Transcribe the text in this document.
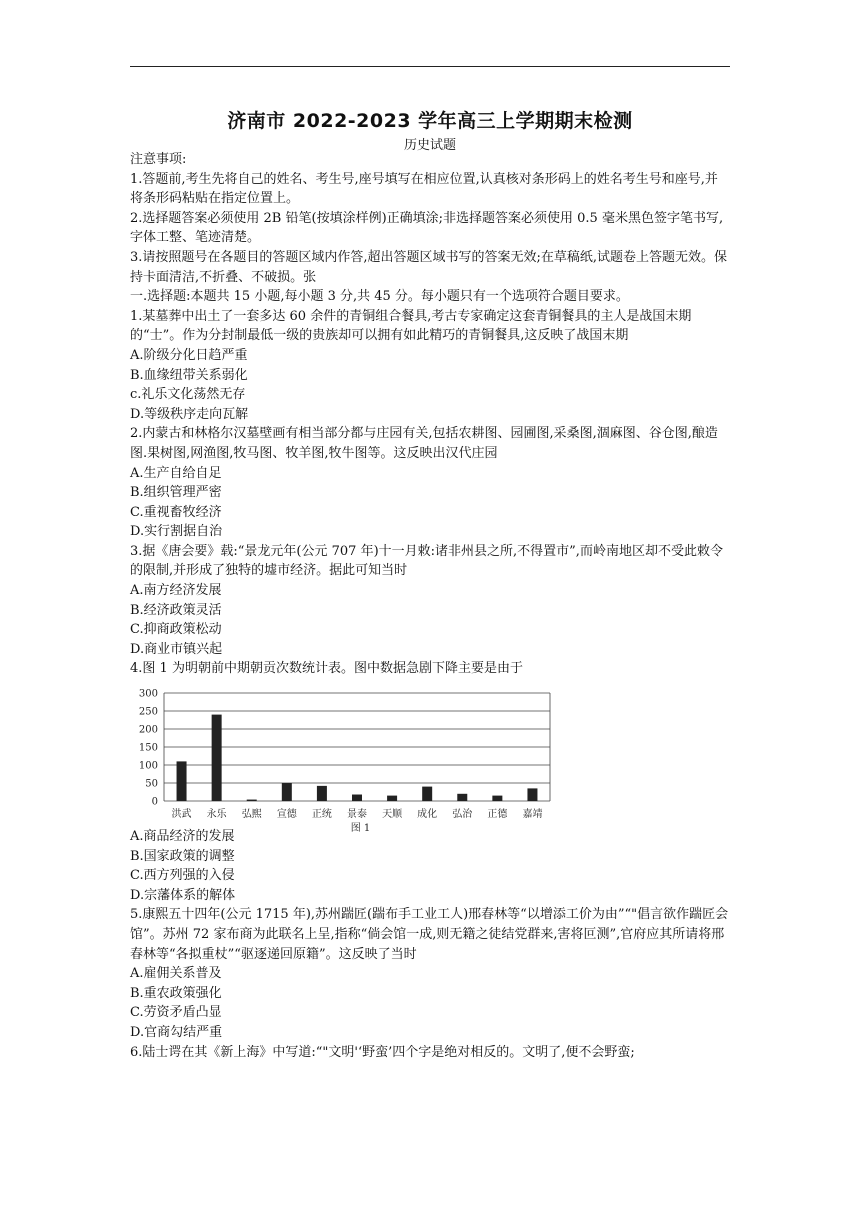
济南市 2022-2023 学年高三上学期期末检测
历史试题

注意事项:

1.答题前,考生先将自己的姓名、考生号,座号填写在相应位置,认真核对条形码上的姓名考生号和座号,并将条形码粘贴在指定位置上。

2.选择题答案必须使用 2B 铅笔(按填涂样例)正确填涂;非选择题答案必须使用 0.5 毫米黑色签字笔书写,字体工整、笔迹清楚。

3.请按照题号在各题目的答题区域内作答,超出答题区域书写的答案无效;在草稿纸,试题卷上答题无效。保持卡面清洁,不折叠、不破损。张

一.选择题:本题共 15 小题,每小题 3 分,共 45 分。每小题只有一个选项符合题目要求。

1.某墓葬中出土了一套多达 60 余件的青铜组合餐具,考古专家确定这套青铜餐具的主人是战国末期的“士”。作为分封制最低一级的贵族却可以拥有如此精巧的青铜餐具,这反映了战国末期

A.阶级分化日趋严重

B.血缘纽带关系弱化

c.礼乐文化荡然无存

D.等级秩序走向瓦解

2.内蒙古和林格尔汉墓壁画有相当部分都与庄园有关,包括农耕图、园圃图,采桑图,涸麻图、谷仓图,酿造图.果树图,网渔图,牧马图、牧羊图,牧牛图等。这反映出汉代庄园

A.生产自给自足

B.组织管理严密

C.重视畜牧经济

D.实行割据自治

3.据《唐会要》载:“景龙元年(公元 707 年)十一月敕:诸非州县之所,不得置市”,而岭南地区却不受此敕令的限制,并形成了独特的墟市经济。据此可知当时

A.南方经济发展

B.经济政策灵活

C.抑商政策松动

D.商业市镇兴起

4.图 1 为明朝前中期朝贡次数统计表。图中数据急剧下降主要是由于

0
50
100
150
200
250
300
洪武 永乐 弘熙 宣德 正统 景泰 天顺 成化 弘治 正德 嘉靖
图 1

A.商品经济的发展

B.国家政策的调整

C.西方列强的入侵

D.宗藩体系的解体

5.康熙五十四年(公元 1715 年),苏州踹匠(踹布手工业工人)邢春林等“以增添工价为由”“"倡言欲作踹匠会馆”。苏州 72 家布商为此联名上呈,指称“倘会馆一成,则无籍之徒结党群来,害将叵测”,官府应其所请将邢春林等“各拟重杖”“驱逐递回原籍”。这反映了当时

A.雇佣关系普及

B.重农政策强化

C.劳资矛盾凸显

D.官商勾结严重

6.陆士谔在其《新上海》中写道:“"文明'‘野蛮’四个字是绝对相反的。文明了,便不会野蛮;
